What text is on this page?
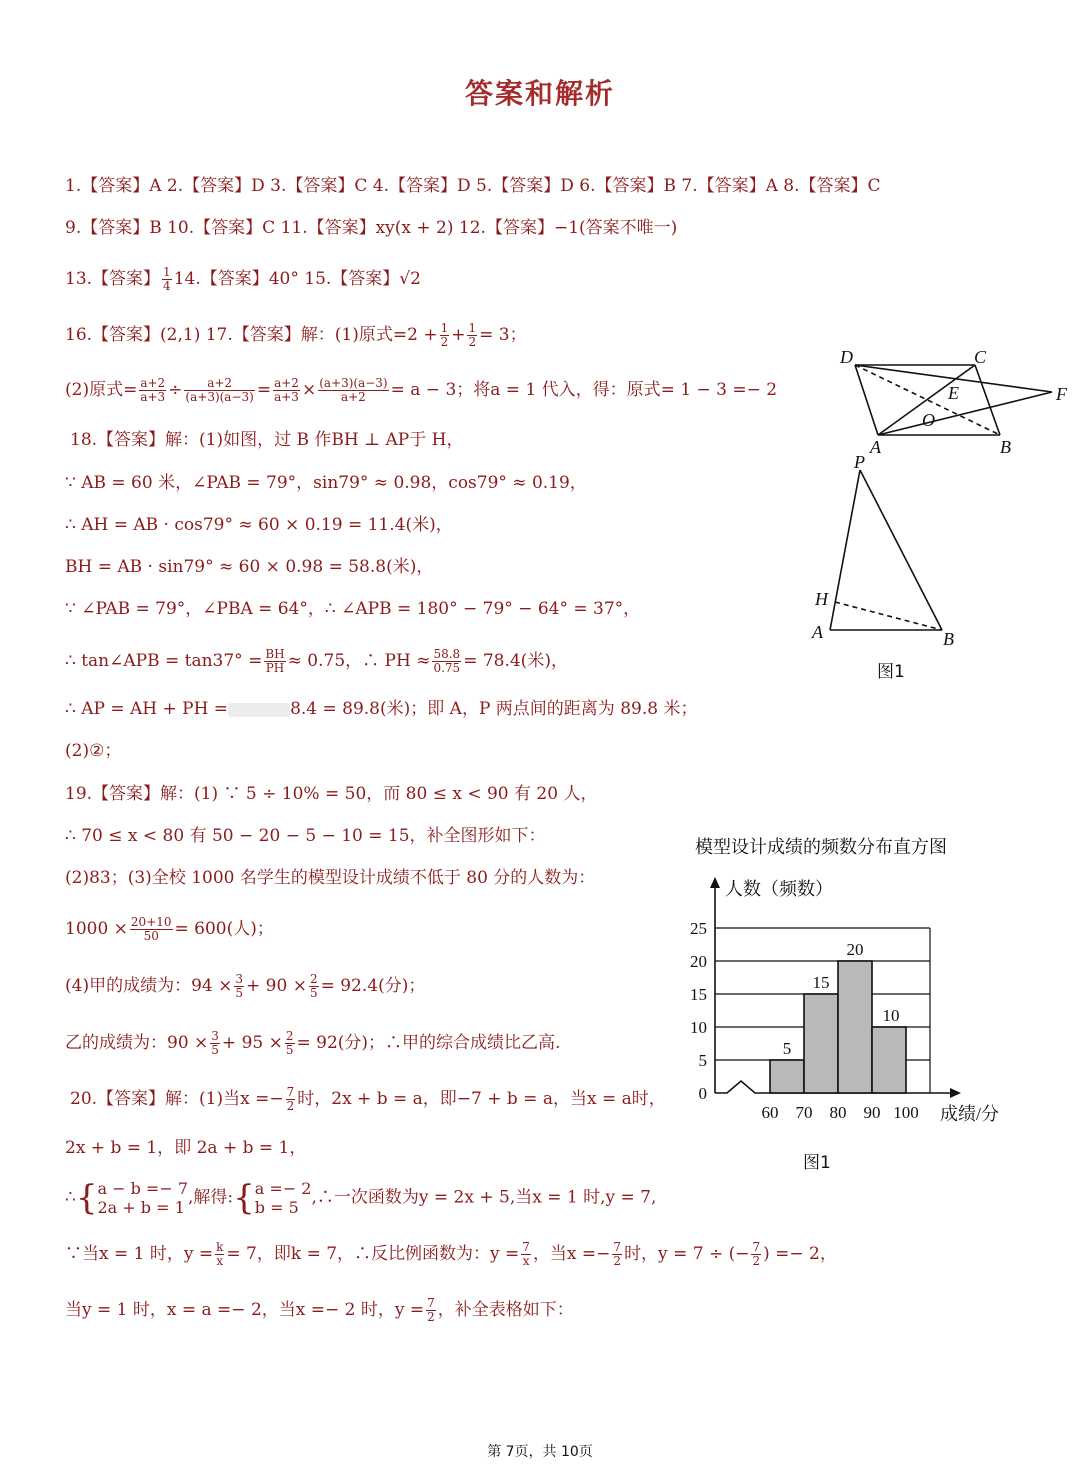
答案和解析
1.【答案】A 2.【答案】D 3.【答案】C 4.【答案】D 5.【答案】D 6.【答案】B 7.【答案】A 8.【答案】C
9.【答案】B 10.【答案】C 11.【答案】xy(x + 2) 12.【答案】−1(答案不唯一)
13.【答案】 $\frac{1}{4} 14$.【答案】40° 15.【答案】√2
16.【答案】(2,1) 17.【答案】解：(1)原式$=2 + \frac{1}{2} + \frac{1}{2} = 3$；
(2)原式= $\frac{a+2}{a+3} \div \frac{a+2}{(a+3)(a-3)} = \frac{a+2}{a+3} \times \frac{(a+3)(a-3)}{a+2} = a - 3$；将a = 1 代入，得：原式= 1 − 3 =− 2
18.【答案】解：(1)如图，过 B 作BH ⊥ AP于 H，
∵ AB = 60 米，∠PAB = 79°，sin79° ≈ 0.98，cos79° ≈ 0.19，
∴ AH = AB · cos79° ≈ 60 × 0.19 = 11.4(米)，
BH = AB · sin79° ≈ 60 × 0.98 = 58.8(米)，
∵ ∠PAB = 79°，∠PBA = 64°，∴ ∠APB = 180° − 79° − 64° = 37°，
∴ tan∠APB = $\tan 37^\circ = \frac{BH}{PH} \approx 0.75$，∴ PH ≈ $\frac{58.8}{0.75} = 78.4$(米)，
∴ AP = AH + PH =	8.4 = 89.8(米)；即 A，P 两点间的距离为 89.8 米；
(2)②；
19.【答案】解：(1) ∵ 5 ÷ 10% = 50，而 80 ≤ x < 90 有 20 人，
∴ 70 ≤ x < 80 有 50 − 20 − 5 − 10 = 15，补全图形如下：
(2)83；(3)全校 1000 名学生的模型设计成绩不低于 80 分的人数为：
$1000 \times \frac{20+10}{50} = 600$(人)；
(4)甲的成绩为：$94 \times \frac{3}{5} + 90 \times \frac{2}{5} = 92.4$(分)；
乙的成绩为：$90 \times \frac{3}{5} + 95 \times \frac{2}{5} = 92$(分)；∴甲的综合成绩比乙高.
20.【答案】解：(1)当$x =- \frac{7}{2}$ 时，2x + b = a，即−7 + b = a，当x = a时，
2x + b = 1，即 2a + b = 1，
∴{ a − b =− 7
2a + b = 1 ,解得:{ a =− 2
b = 5 ,∴一次函数为y = 2x + 5,当x = 1 时,y = 7,
∵当x = 1 时，$y = \frac{k}{x} = 7$，即k = 7，∴反比例函数为：$y = \frac{7}{x}$ ，当$x =- \frac{7}{2}$ 时，y = 7 ÷ (− $\frac{7}{2}$ ) =− 2，
当y = 1 时，x = a =− 2，当x =− 2 时，$y = \frac{7}{2}$ ，补全表格如下：
D	C
E	F
O
A	B
P
H
A	B
图1
模型设计成绩的频数分布直方图
人数（频数）
成绩/分
0
5
10
15
20
25
5
15
20
10
60 70 80 90 100
图1
第 7页，共 10页
